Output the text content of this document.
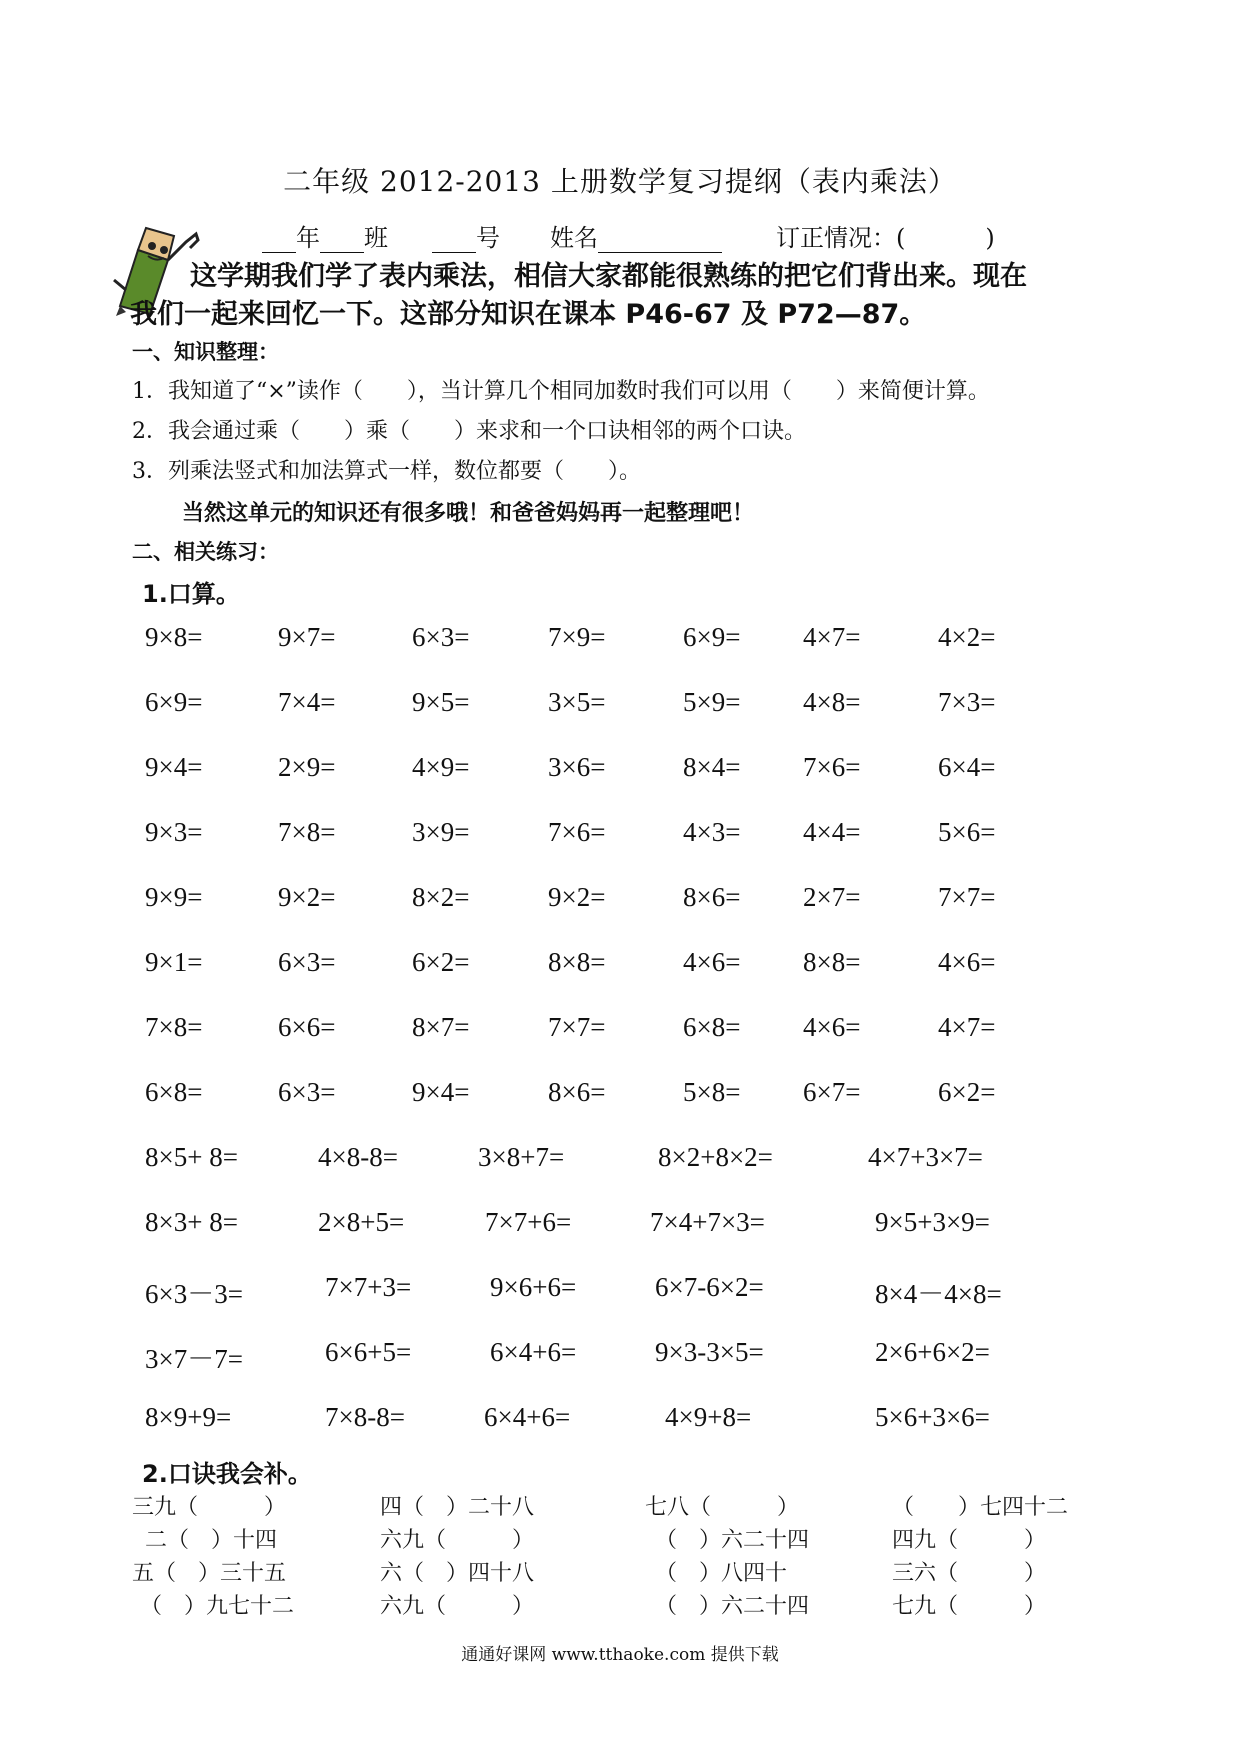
二年级 2012-2013 上册数学复习提纲（表内乘法）
年 班	号 姓名	订正情况：(	)
这学期我们学了表内乘法，相信大家都能很熟练的把它们背出来。现在
我们一起来回忆一下。这部分知识在课本 P46-67 及 P72—87。
一、知识整理：
1．我知道了“×”读作（　　），当计算几个相同加数时我们可以用（　　）来简便计算。
2．我会通过乘（　　）乘（　　）来求和一个口诀相邻的两个口诀。
3．列乘法竖式和加法算式一样，数位都要（　　）。
当然这单元的知识还有很多哦！和爸爸妈妈再一起整理吧！
二、相关练习：
1.口算。
9×8=	9×7=	6×3=	7×9=	6×9= 4×7=	4×2=
6×9=	7×4=	9×5=	3×5=	5×9= 4×8=	7×3=
9×4=	2×9=	4×9=	3×6=	8×4= 7×6=	6×4=
9×3=	7×8=	3×9=	7×6=	4×3= 4×4=	5×6=
9×9=	9×2=	8×2=	9×2=	8×6= 2×7=	7×7=
9×1=	6×3=	6×2=	8×8=	4×6= 8×8=	4×6=
7×8=	6×6=	8×7=	7×7=	6×8= 4×6=	4×7=
6×8=	6×3=	9×4=	8×6=	5×8= 6×7=	6×2=
8×5+ 8=	4×8-8=	3×8+7=	8×2+8×2=	4×7+3×7=
8×3+ 8=	2×8+5=	7×7+6=	7×4+7×3=	9×5+3×9=
6×3－3=	7×7+3=	9×6+6=	6×7-6×2=	8×4－4×8=
3×7－7=	6×6+5=	6×4+6=	9×3-3×5=	2×6+6×2=
8×9+9=	7×8-8=	6×4+6=	4×9+8=	5×6+3×6=
2.口诀我会补。
三九（　　　）	四（　）二十八	七八（　　　）	（　　）七四十二
二（　）十四	六九（　　　）	（　）六二十四	四九（　　　）
五（　）三十五	六（　）四十八	（　）八四十	三六（　　　）
（　）九七十二	六九（　　　）	（　）六二十四	七九（　　　）
通通好课网 www.tthaoke.com 提供下载
